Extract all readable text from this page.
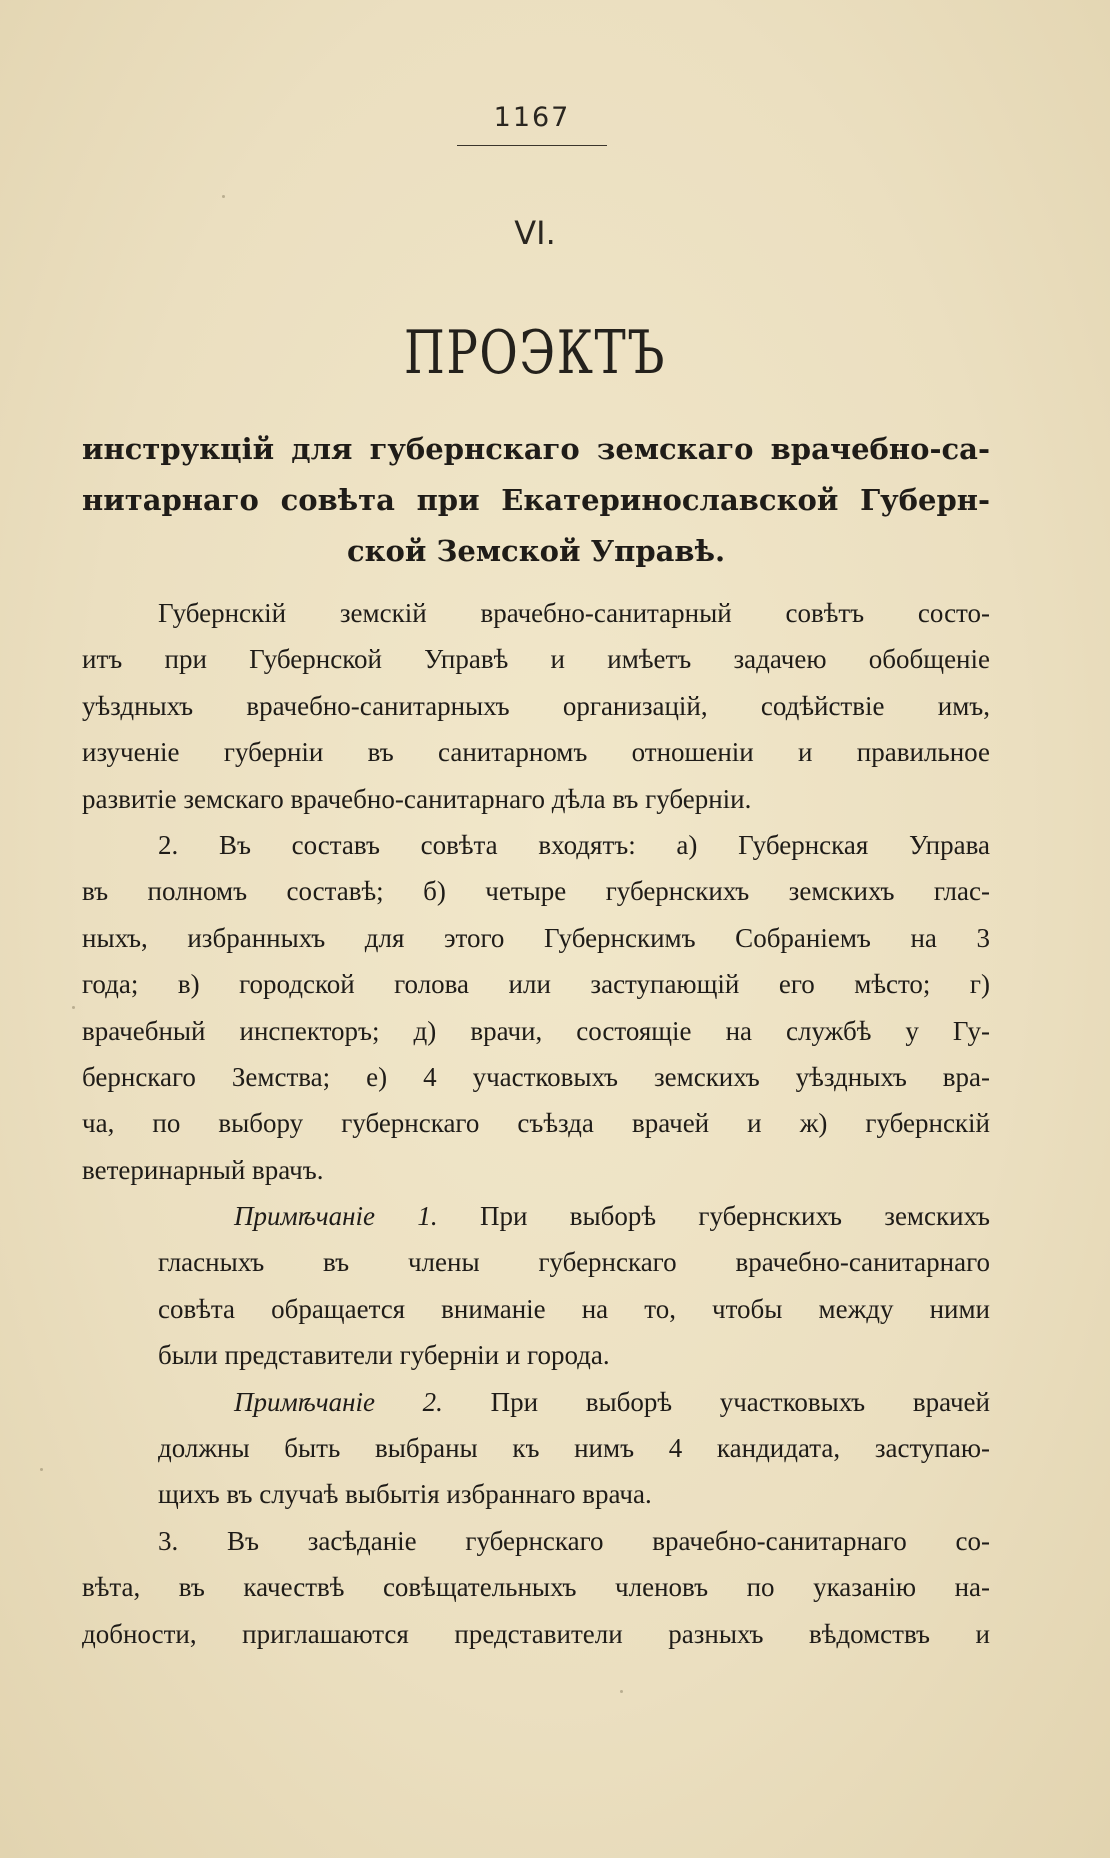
1167
VI.
ПРОЭКТЪ
инструкцій для губернскаго земскаго врачебно-са-
нитарнаго совѣта при Екатеринославской Губерн-
ской Земской Управѣ.
Губернскій земскій врачебно-санитарный совѣтъ состо-
итъ при Губернской Управѣ и имѣетъ задачею обобщеніе
уѣздныхъ врачебно-санитарныхъ организацій, содѣйствіе имъ,
изученіе губерніи въ санитарномъ отношеніи и правильное
развитіе земскаго врачебно-санитарнаго дѣла въ губерніи.
2. Въ составъ совѣта входятъ: а) Губернская Управа
въ полномъ составѣ; б) четыре губернскихъ земскихъ глас-
ныхъ, избранныхъ для этого Губернскимъ Собраніемъ на 3
года; в) городской голова или заступающій его мѣсто; г)
врачебный инспекторъ; д) врачи, состоящіе на службѣ у Гу-
бернскаго Земства; е) 4 участковыхъ земскихъ уѣздныхъ вра-
ча, по выбору губернскаго съѣзда врачей и ж) губернскій
ветеринарный врачъ.
Примѣчаніе 1. При выборѣ губернскихъ земскихъ
гласныхъ въ члены губернскаго врачебно-санитарнаго
совѣта обращается вниманіе на то, чтобы между ними
были представители губерніи и города.
Примѣчаніе 2. При выборѣ участковыхъ врачей
должны быть выбраны къ нимъ 4 кандидата, заступаю-
щихъ въ случаѣ выбытія избраннаго врача.
3. Въ засѣданіе губернскаго врачебно-санитарнаго со-
вѣта, въ качествѣ совѣщательныхъ членовъ по указанію на-
добности, приглашаются представители разныхъ вѣдомствъ и
